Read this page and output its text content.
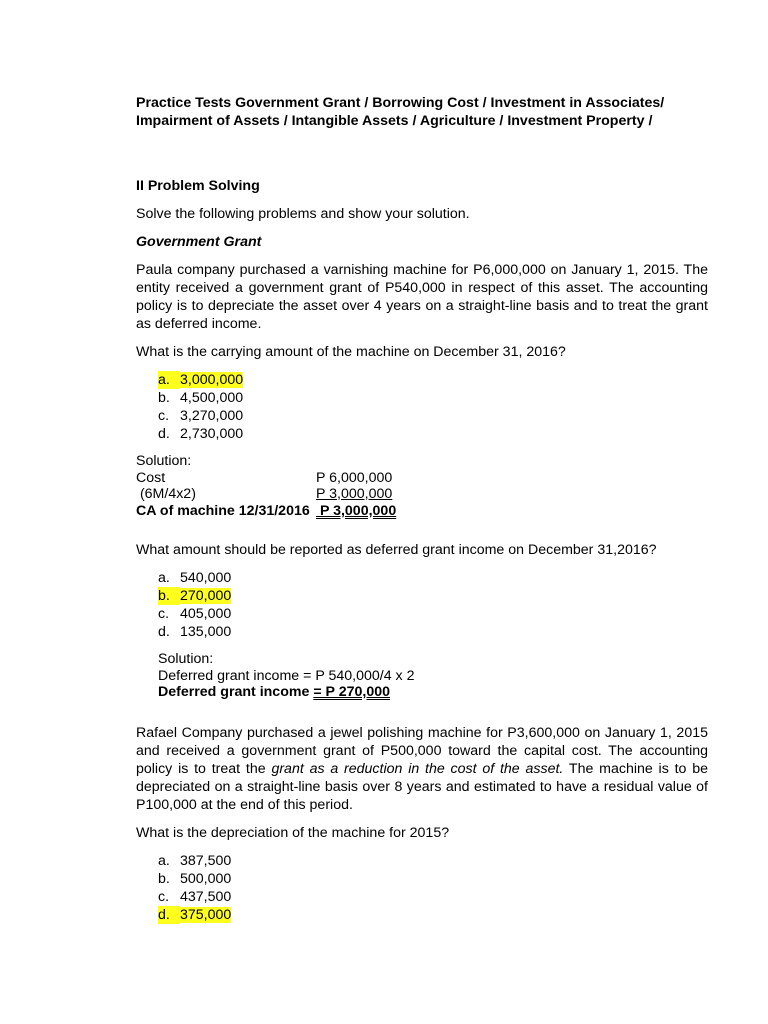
Practice Tests Government Grant / Borrowing Cost / Investment in Associates/
Impairment of Assets / Intangible Assets / Agriculture / Investment Property /

II Problem Solving

Solve the following problems and show your solution.

Government Grant

Paula company purchased a varnishing machine for P6,000,000 on January 1, 2015. The entity received a government grant of P540,000 in respect of this asset. The accounting policy is to depreciate the asset over 4 years on a straight-line basis and to treat the grant as deferred income.

What is the carrying amount of the machine on December 31, 2016?

a. 3,000,000
b. 4,500,000
c. 3,270,000
d. 2,730,000
Solution:
Cost	P 6,000,000
(6M/4x2)	P 3,000,000
CA of machine 12/31/2016 P 3,000,000

What amount should be reported as deferred grant income on December 31,2016?

a. 540,000
b. 270,000
c. 405,000
d. 135,000
Solution:
Deferred grant income = P 540,000/4 x 2
Deferred grant income = P 270,000

Rafael Company purchased a jewel polishing machine for P3,600,000 on January 1, 2015 and received a government grant of P500,000 toward the capital cost. The accounting policy is to treat the grant as a reduction in the cost of the asset. The machine is to be depreciated on a straight-line basis over 8 years and estimated to have a residual value of P100,000 at the end of this period.

What is the depreciation of the machine for 2015?

a. 387,500
b. 500,000
c. 437,500
d. 375,000
